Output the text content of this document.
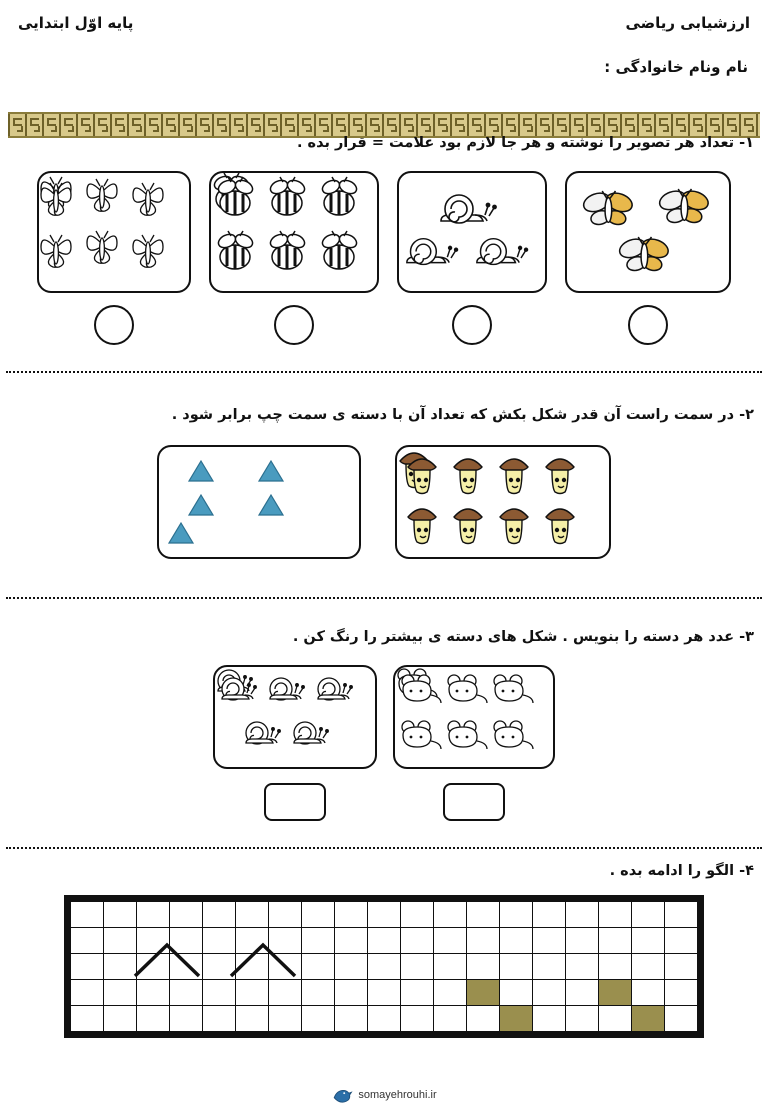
ارزشیابی ریاضی
پایه اوّل ابتدایی
نام ونام خانوادگی :
۱- تعداد هر تصویر را نوشته و هر جا لازم بود علامت = قرار بده .
۲- در سمت راست آن قدر شکل بکش که تعداد آن با دسته ی سمت چپ برابر شود .
۳- عدد هر دسته را بنویس . شکل های دسته ی بیشتر را رنگ کن .
۴- الگو را ادامه بده .

somayehrouhi.ir
